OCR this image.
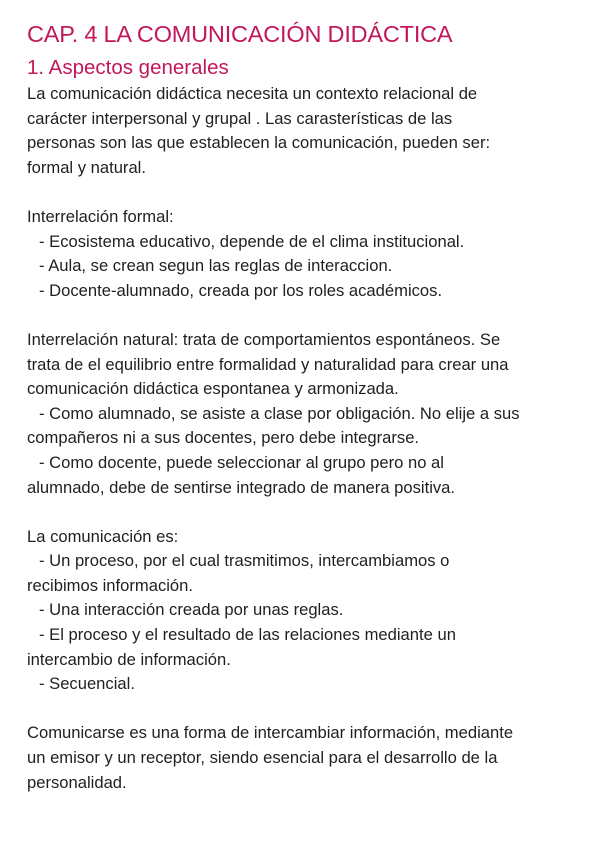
CAP. 4 LA COMUNICACIÓN DIDÁCTICA
1. Aspectos generales

La comunicación didáctica necesita un contexto relacional de
carácter interpersonal y grupal . Las carasterísticas de las
personas son las que establecen la comunicación, pueden ser:
formal y natural.

Interrelación formal:

- Ecosistema educativo, depende de el clima institucional.

- Aula, se crean segun las reglas de interaccion.

- Docente-alumnado, creada por los roles académicos.

Interrelación natural: trata de comportamientos espontáneos. Se
trata de el equilibrio entre formalidad y naturalidad para crear una
comunicación didáctica espontanea y armonizada.

- Como alumnado, se asiste a clase por obligación. No elije a sus
compañeros ni a sus docentes, pero debe integrarse.

- Como docente, puede seleccionar al grupo pero no al
alumnado, debe de sentirse integrado de manera positiva.

La comunicación es:

- Un proceso, por el cual trasmitimos, intercambiamos o
recibimos información.

- Una interacción creada por unas reglas.

- El proceso y el resultado de las relaciones mediante un
intercambio de información.

- Secuencial.

Comunicarse es una forma de intercambiar información, mediante
un emisor y un receptor, siendo esencial para el desarrollo de la
personalidad.
